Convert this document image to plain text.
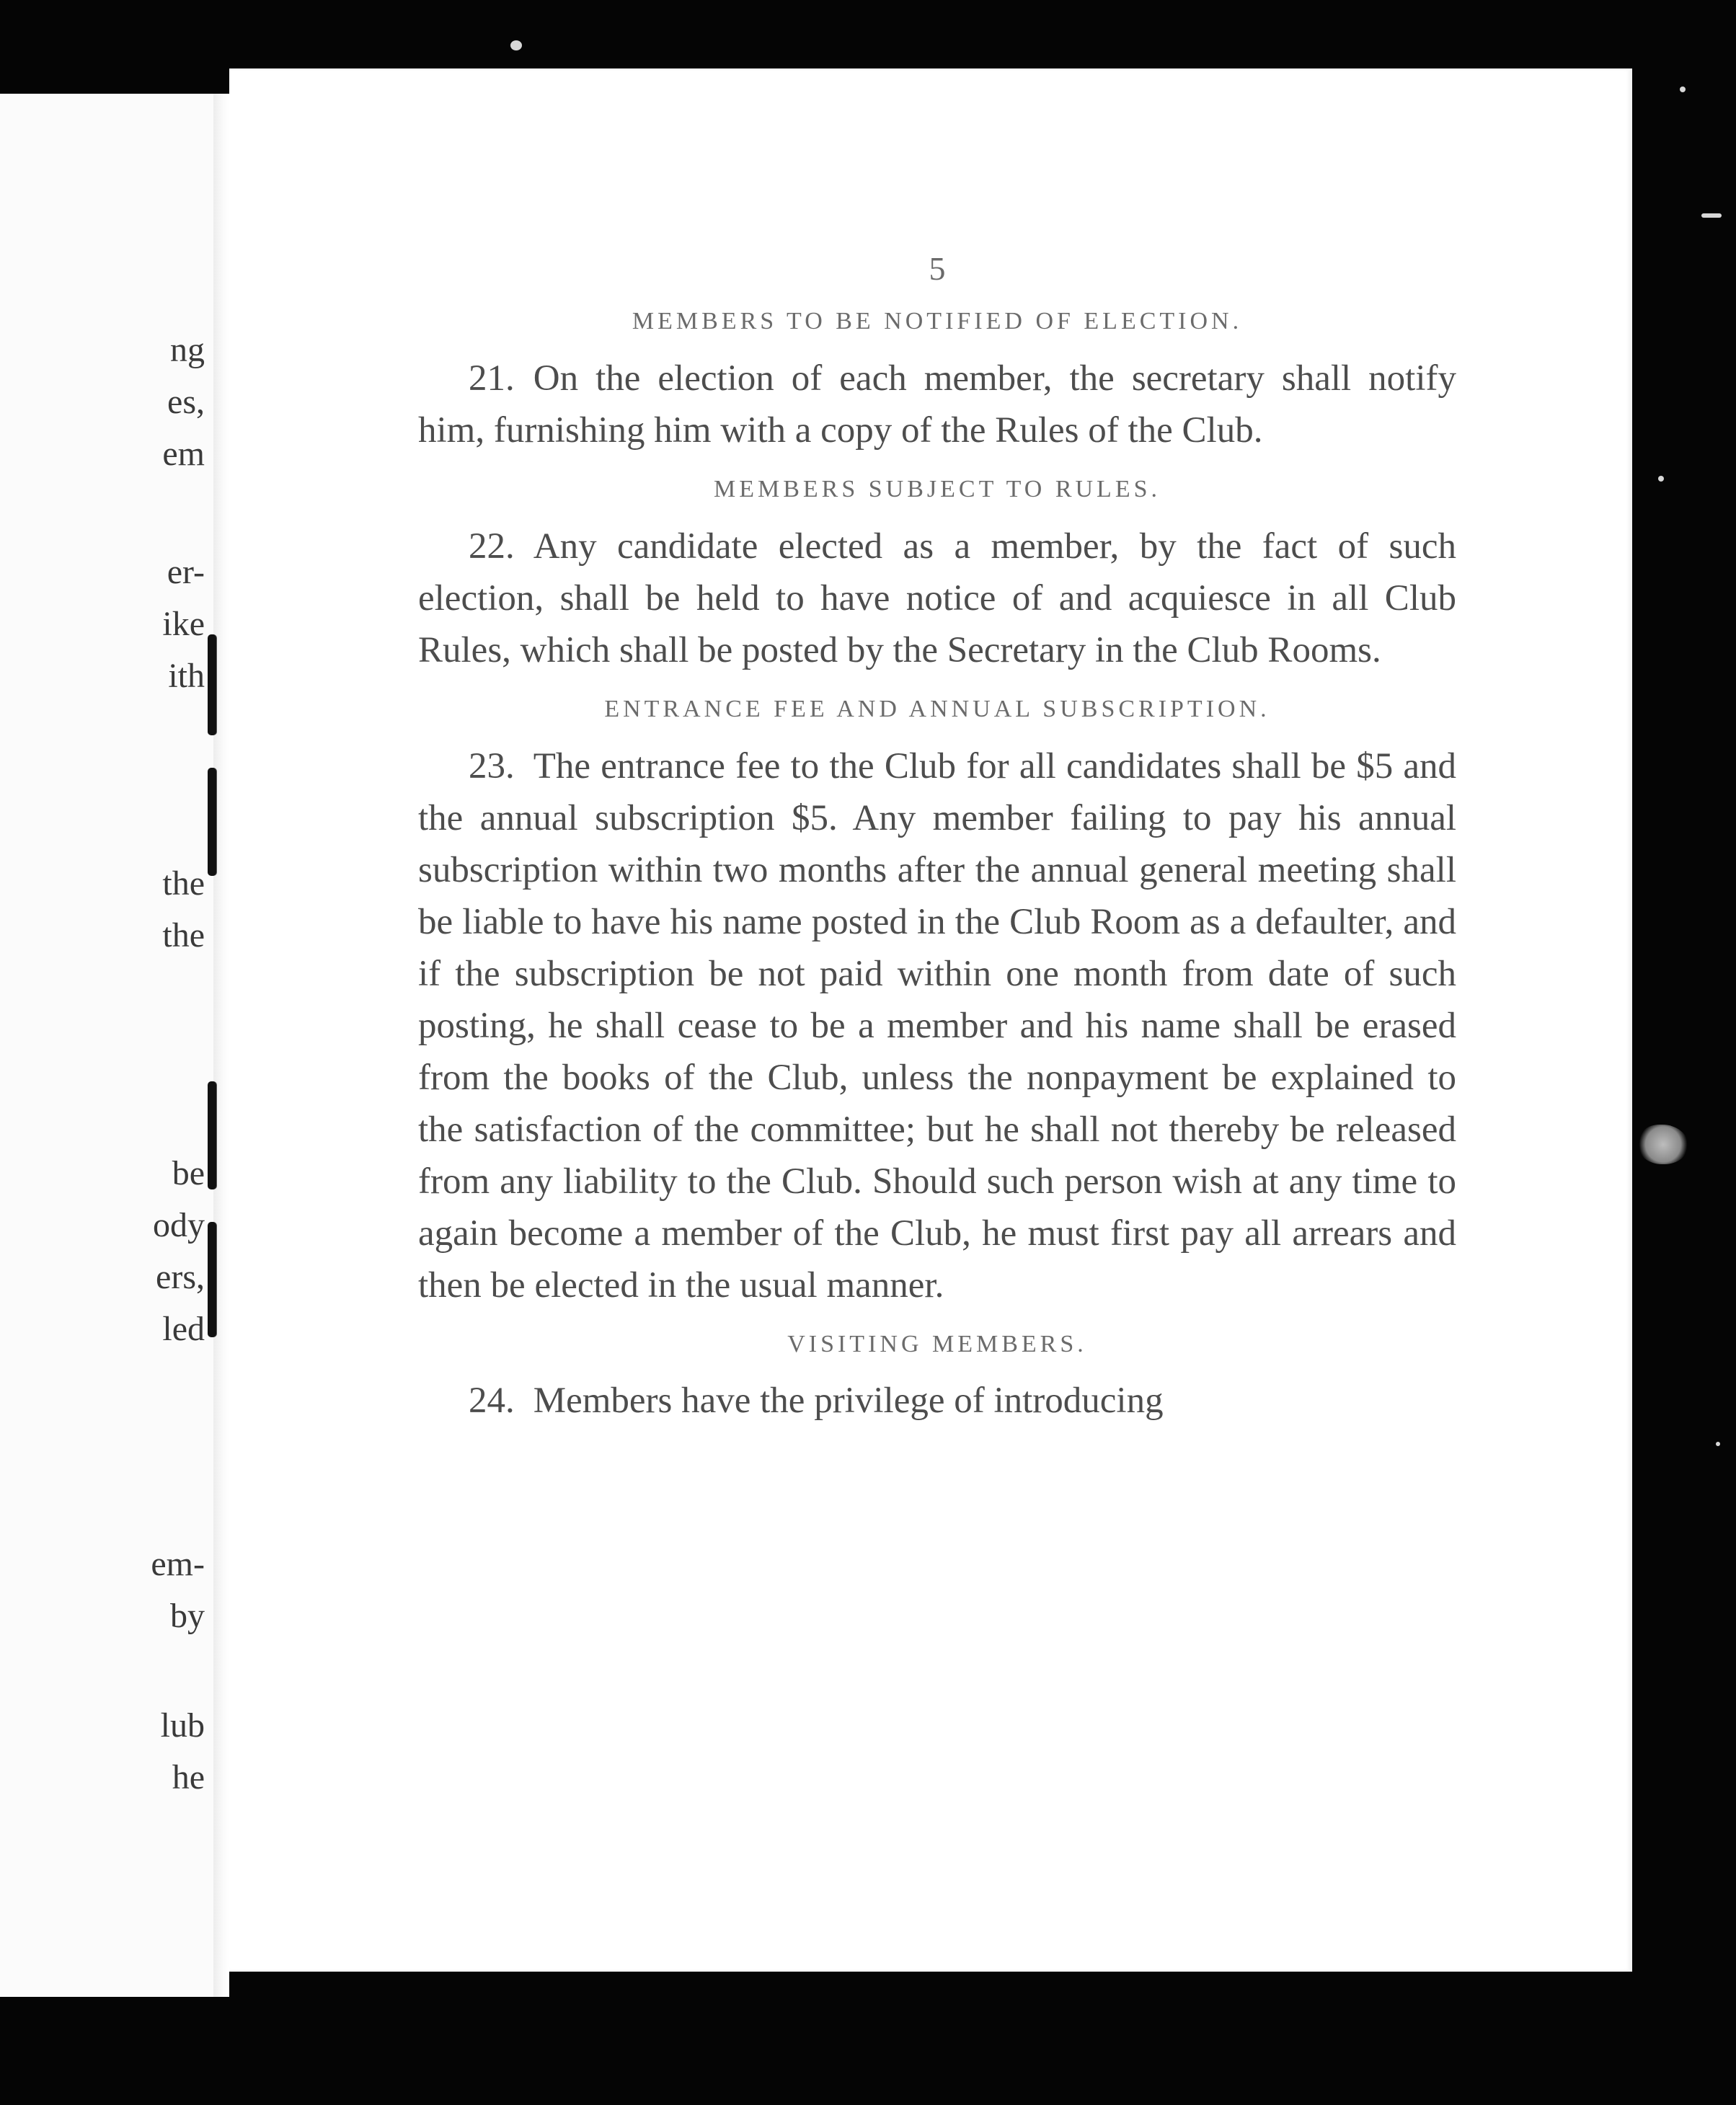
ng
es,
em
er-
ike
ith
the
the
be
ody
ers,
led
em-
by
lub
he
5
MEMBERS TO BE NOTIFIED OF ELECTION.

21. On the election of each member, the secretary shall notify him, furnishing him with a copy of the Rules of the Club.

MEMBERS SUBJECT TO RULES.

22. Any candidate elected as a member, by the fact of such election, shall be held to have notice of and acquiesce in all Club Rules, which shall be posted by the Secretary in the Club Rooms.

ENTRANCE FEE AND ANNUAL SUBSCRIPTION.

23. The entrance fee to the Club for all candidates shall be $5 and the annual subscription $5. Any member failing to pay his annual subscription within two months after the annual general meeting shall be liable to have his name posted in the Club Room as a defaulter, and if the subscription be not paid within one month from date of such posting, he shall cease to be a member and his name shall be erased from the books of the Club, unless the nonpayment be explained to the satisfaction of the committee; but he shall not thereby be released from any liability to the Club. Should such person wish at any time to again become a member of the Club, he must first pay all arrears and then be elected in the usual manner.

VISITING MEMBERS.

24. Members have the privilege of introducing
